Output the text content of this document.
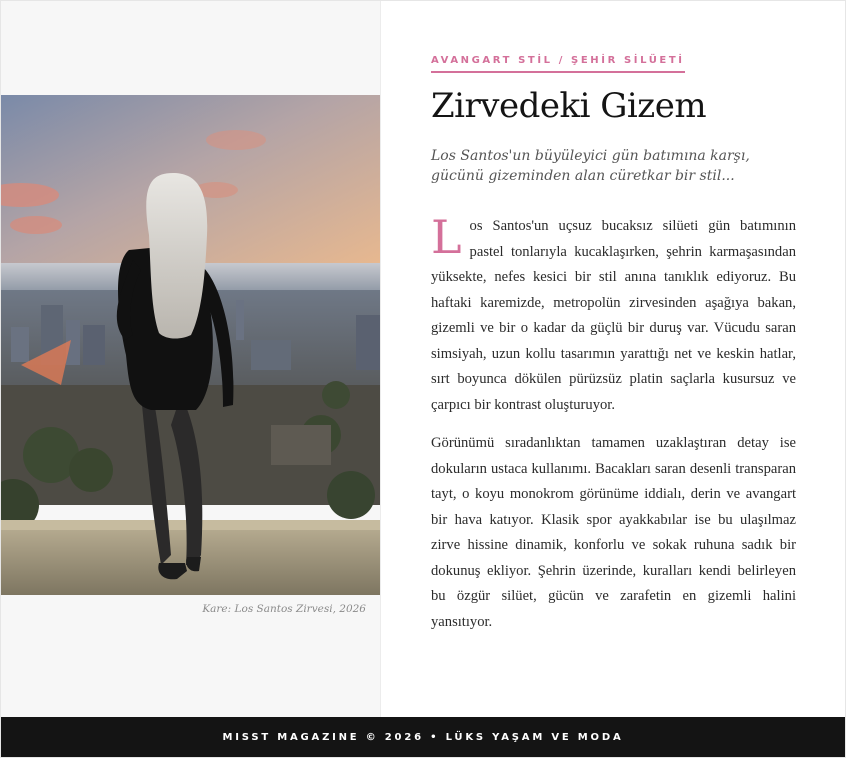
Kare: Los Santos Zirvesi, 2026
AVANGART STİL / ŞEHİR SİLÜETİ
Zirvedeki Gizem

Los Santos'un büyüleyici gün batımına karşı, gücünü gizeminden alan cüretkar bir stil...

Los Santos'un uçsuz bucaksız silüeti gün batımının pastel tonlarıyla kucaklaşırken, şehrin karmaşasından yüksekte, nefes kesici bir stil anına tanıklık ediyoruz. Bu haftaki karemizde, metropolün zirvesinden aşağıya bakan, gizemli ve bir o kadar da güçlü bir duruş var. Vücudu saran simsiyah, uzun kollu tasarımın yarattığı net ve keskin hatlar, sırt boyunca dökülen pürüzsüz platin saçlarla kusursuz ve çarpıcı bir kontrast oluşturuyor.

Görünümü sıradanlıktan tamamen uzaklaştıran detay ise dokuların ustaca kullanımı. Bacakları saran desenli transparan tayt, o koyu monokrom görünüme iddialı, derin ve avangart bir hava katıyor. Klasik spor ayakkabılar ise bu ulaşılmaz zirve hissine dinamik, konforlu ve sokak ruhuna sadık bir dokunuş ekliyor. Şehrin üzerinde, kuralları kendi belirleyen bu özgür silüet, gücün ve zarafetin en gizemli halini yansıtıyor.

MISST MAGAZINE © 2026 • LÜKS YAŞAM VE MODA
